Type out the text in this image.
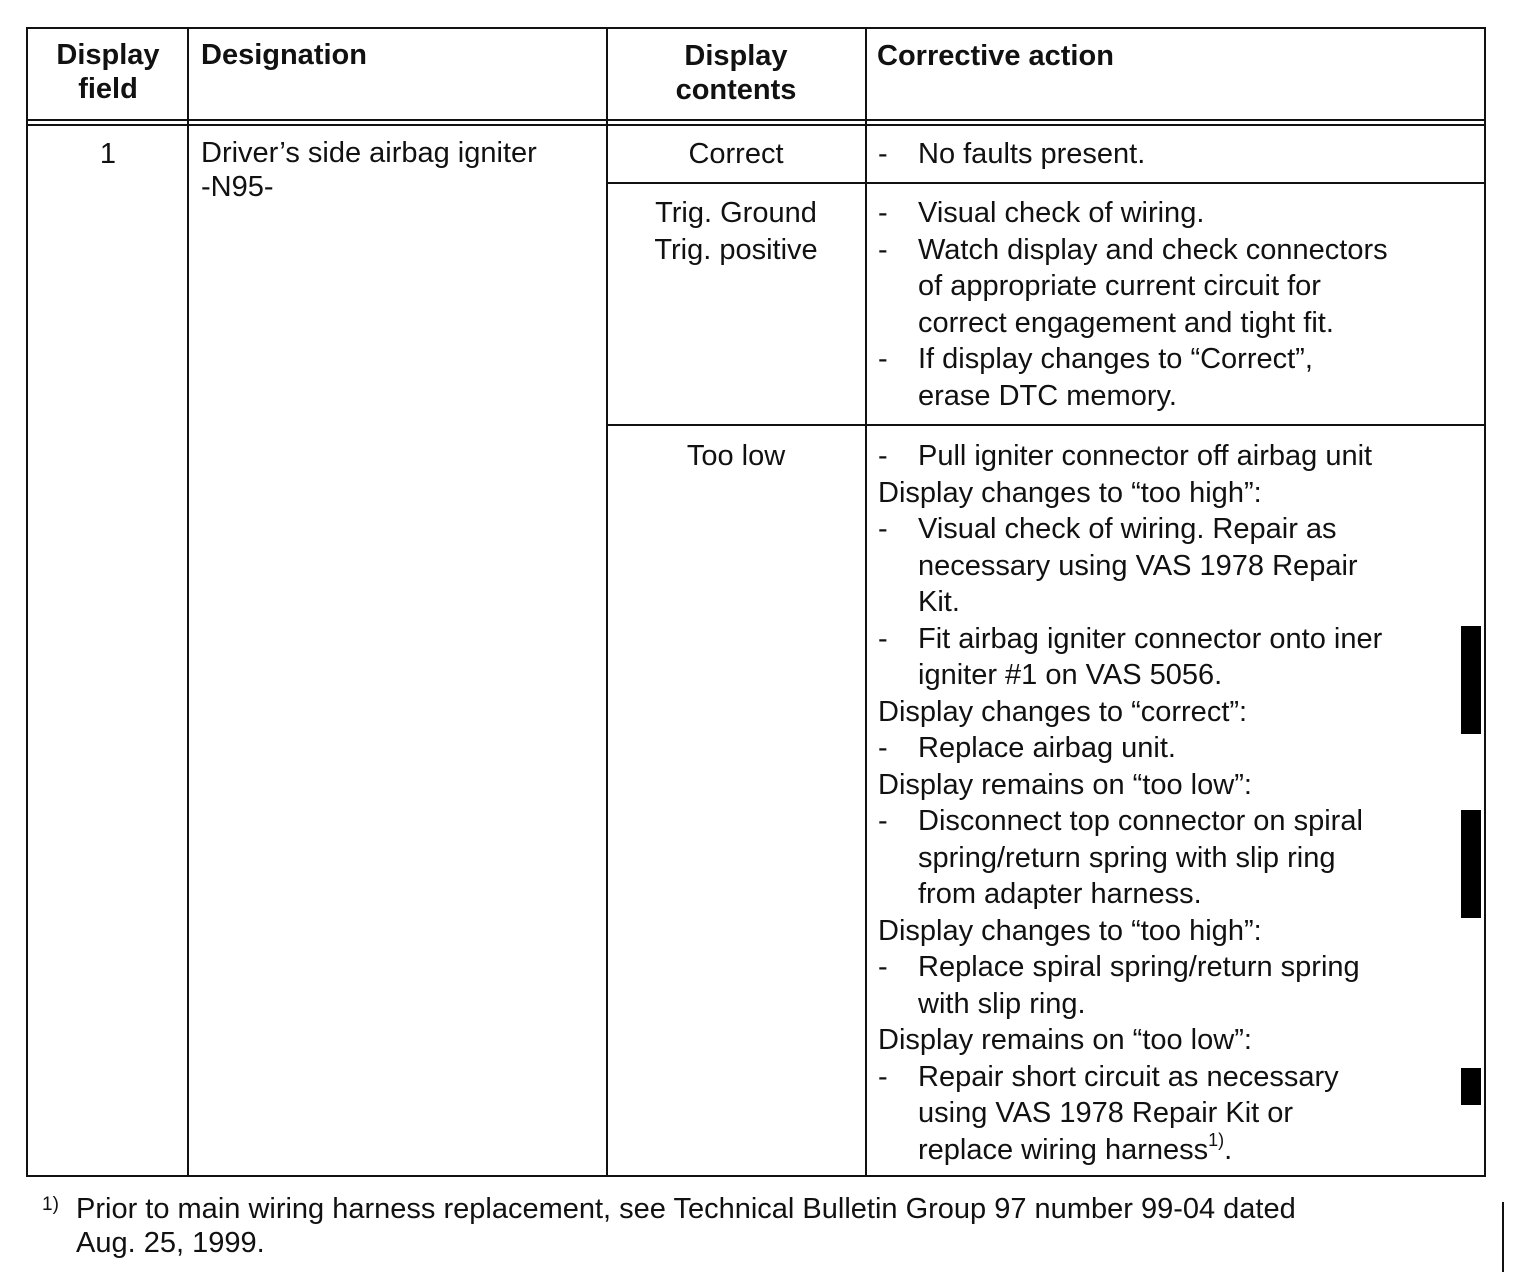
Display
field
Designation	Display
contents
Corrective action
1	Driver’s side airbag igniter
-N95-
Correct
Trig. Ground
Trig. positive
Too low
- No faults present.
- Visual check of wiring.
- Watch display and check connectors
of appropriate current circuit for
correct engagement and tight fit.
- If display changes to “Correct”,
erase DTC memory.
- Pull igniter connector off airbag unit
Display changes to “too high”:
- Visual check of wiring. Repair as
necessary using VAS 1978 Repair
Kit.
- Fit airbag igniter connector onto iner
igniter #1 on VAS 5056.
Display changes to “correct”:
- Replace airbag unit.
Display remains on “too low”:
- Disconnect top connector on spiral
spring/return spring with slip ring
from adapter harness.
Display changes to “too high”:
- Replace spiral spring/return spring
with slip ring.
Display remains on “too low”:
- Repair short circuit as necessary
using VAS 1978 Repair Kit or
replace wiring harness$^{1)}$.
1) Prior to main wiring harness replacement, see Technical Bulletin Group 97 number 99-04 dated
Aug. 25, 1999.
